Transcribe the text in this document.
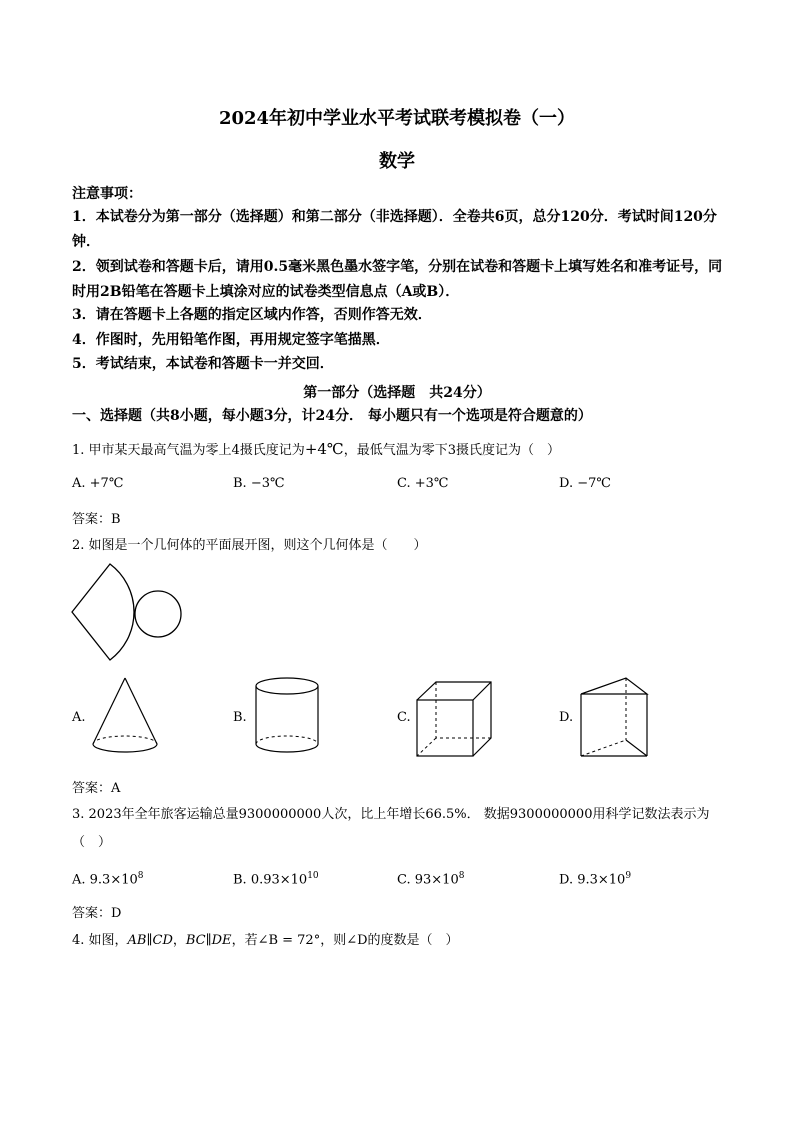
2024年初中学业水平考试联考模拟卷（一）
数学
注意事项：
1．本试卷分为第一部分（选择题）和第二部分（非选择题）．全卷共6页，总分120分．考试时间120分钟．
2．领到试卷和答题卡后，请用0.5毫米黑色墨水签字笔，分别在试卷和答题卡上填写姓名和准考证号，同时用2B铅笔在答题卡上填涂对应的试卷类型信息点（A或B）．
3．请在答题卡上各题的指定区域内作答，否则作答无效．
4．作图时，先用铅笔作图，再用规定签字笔描黑．
5．考试结束，本试卷和答题卡一并交回．
第一部分（选择题　共24分）
一、选择题（共8小题，每小题3分，计24分． 每小题只有一个选项是符合题意的）
1. 甲市某天最高气温为零上4摄氏度记为+4℃，最低气温为零下3摄氏度记为（　）
A. +7℃	B. −3℃	C. +3℃	D. −7℃
答案：B
2. 如图是一个几何体的平面展开图，则这个几何体是（　　）
A.	B.	C.	D.
答案：A
3. 2023年全年旅客运输总量9300000000人次，比上年增长66.5%． 数据9300000000用科学记数法表示为（　）
A. $9.3\times 10^8$	B. $0.93\times 10^{10}$	C. $93\times 10^8$	D. $9.3\times 10^9$
答案：D
4. 如图，AB∥CD，BC∥DE，若∠B = 72°，则∠D的度数是（　）
